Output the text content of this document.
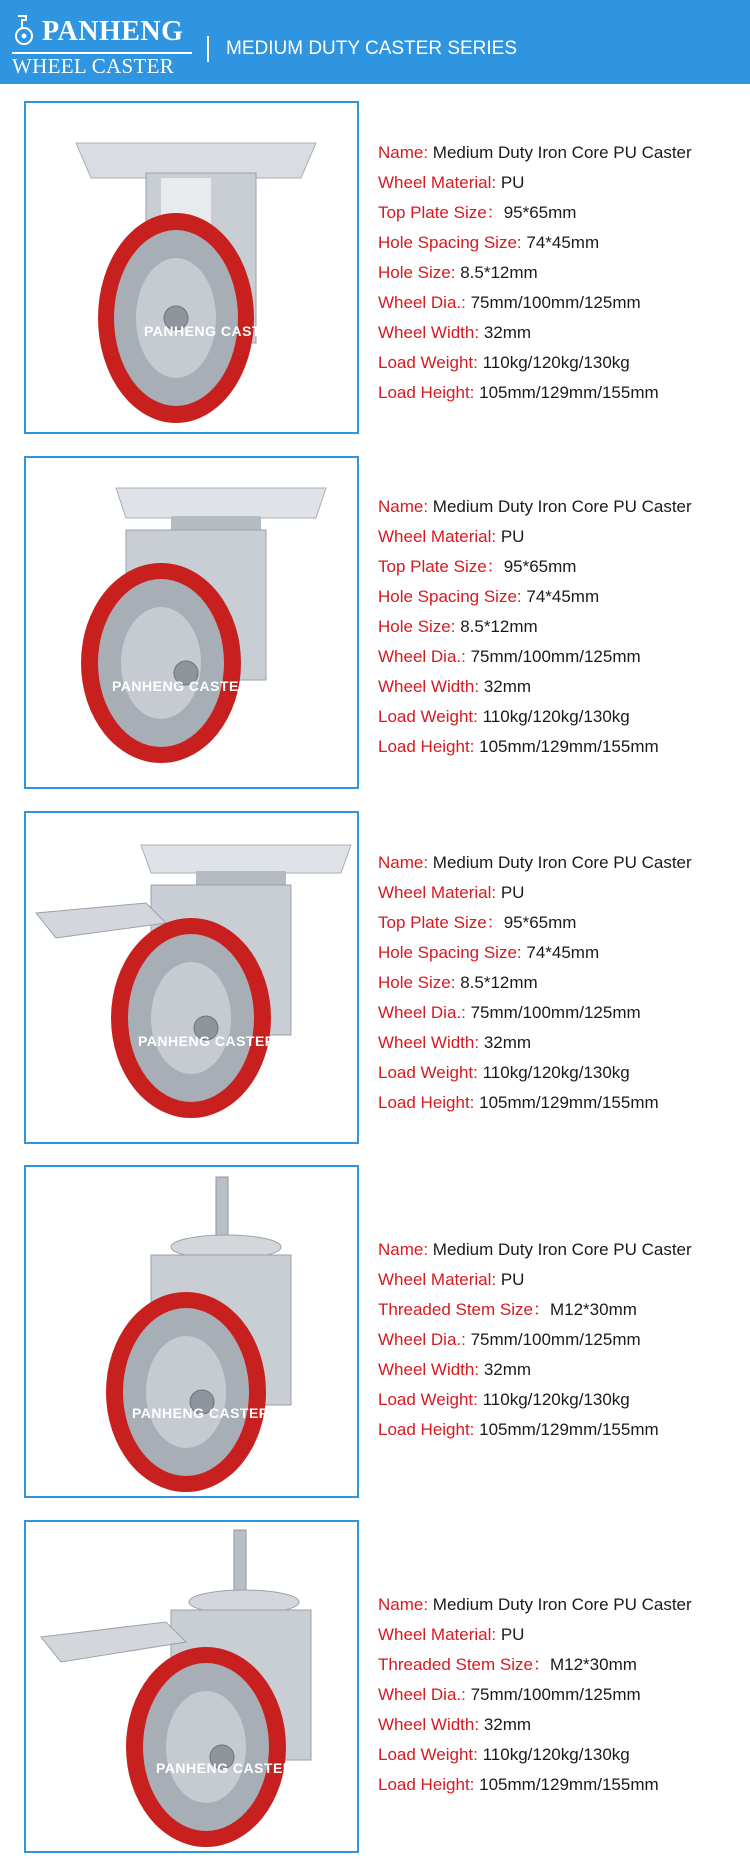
PANHENG
WHEEL CASTER
MEDIUM DUTY CASTER SERIES
PANHENG CASTER
Name: Medium Duty Iron Core PU Caster
Wheel Material: PU
Top Plate Size：95*65mm
Hole Spacing Size: 74*45mm
Hole Size: 8.5*12mm
Wheel Dia.: 75mm/100mm/125mm
Wheel Width: 32mm
Load Weight: 110kg/120kg/130kg
Load Height: 105mm/129mm/155mm
PANHENG CASTER
Name: Medium Duty Iron Core PU Caster
Wheel Material: PU
Top Plate Size：95*65mm
Hole Spacing Size: 74*45mm
Hole Size: 8.5*12mm
Wheel Dia.: 75mm/100mm/125mm
Wheel Width: 32mm
Load Weight: 110kg/120kg/130kg
Load Height: 105mm/129mm/155mm
PANHENG CASTER
Name: Medium Duty Iron Core PU Caster
Wheel Material: PU
Top Plate Size：95*65mm
Hole Spacing Size: 74*45mm
Hole Size: 8.5*12mm
Wheel Dia.: 75mm/100mm/125mm
Wheel Width: 32mm
Load Weight: 110kg/120kg/130kg
Load Height: 105mm/129mm/155mm
PANHENG CASTER
Name: Medium Duty Iron Core PU Caster
Wheel Material: PU
Threaded Stem Size：M12*30mm
Wheel Dia.: 75mm/100mm/125mm
Wheel Width: 32mm
Load Weight: 110kg/120kg/130kg
Load Height: 105mm/129mm/155mm
PANHENG CASTER
Name: Medium Duty Iron Core PU Caster
Wheel Material: PU
Threaded Stem Size：M12*30mm
Wheel Dia.: 75mm/100mm/125mm
Wheel Width: 32mm
Load Weight: 110kg/120kg/130kg
Load Height: 105mm/129mm/155mm
